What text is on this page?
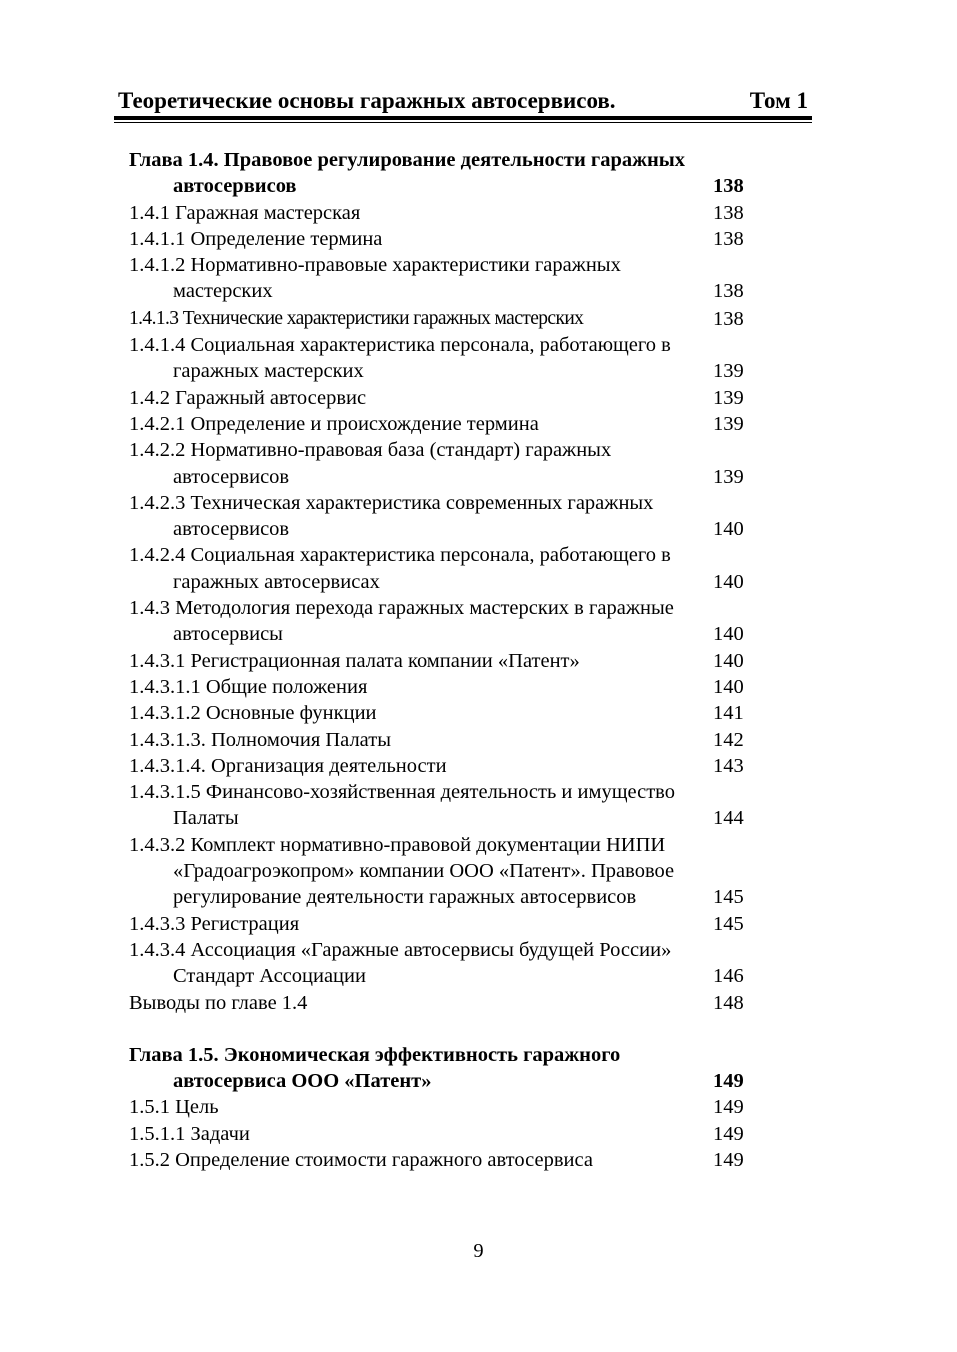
Теоретические основы гаражных автосервисов.	Том 1
Глава 1.4. Правовое регулирование деятельности гаражных автосервисов	138
1.4.1 Гаражная мастерская	138
1.4.1.1 Определение термина	138
1.4.1.2 Нормативно-правовые характеристики гаражных мастерских	138
1.4.1.3 Технические характеристики гаражных мастерских	138
1.4.1.4 Социальная характеристика персонала, работающего в гаражных мастерских	139
1.4.2 Гаражный автосервис	139
1.4.2.1 Определение и происхождение термина	139
1.4.2.2 Нормативно-правовая база (стандарт) гаражных автосервисов	139
1.4.2.3 Техническая характеристика современных гаражных автосервисов	140
1.4.2.4 Социальная характеристика персонала, работающего в гаражных автосервисах	140
1.4.3 Методология перехода гаражных мастерских в гаражные автосервисы	140
1.4.3.1 Регистрационная палата компании «Патент»	140
1.4.3.1.1 Общие положения	140
1.4.3.1.2 Основные функции	141
1.4.3.1.3. Полномочия Палаты	142
1.4.3.1.4. Организация деятельности	143
1.4.3.1.5 Финансово-хозяйственная деятельность и имущество Палаты	144
1.4.3.2 Комплект нормативно-правовой документации НИПИ «Градоагроэкопром» компании ООО «Патент». Правовое регулирование деятельности гаражных автосервисов	145
1.4.3.3 Регистрация	145
1.4.3.4 Ассоциация «Гаражные автосервисы будущей России» Стандарт Ассоциации	146
Выводы по главе 1.4	148
Глава 1.5. Экономическая эффективность гаражного автосервиса ООО «Патент»	149
1.5.1 Цель	149
1.5.1.1 Задачи	149
1.5.2 Определение стоимости гаражного автосервиса	149
9
